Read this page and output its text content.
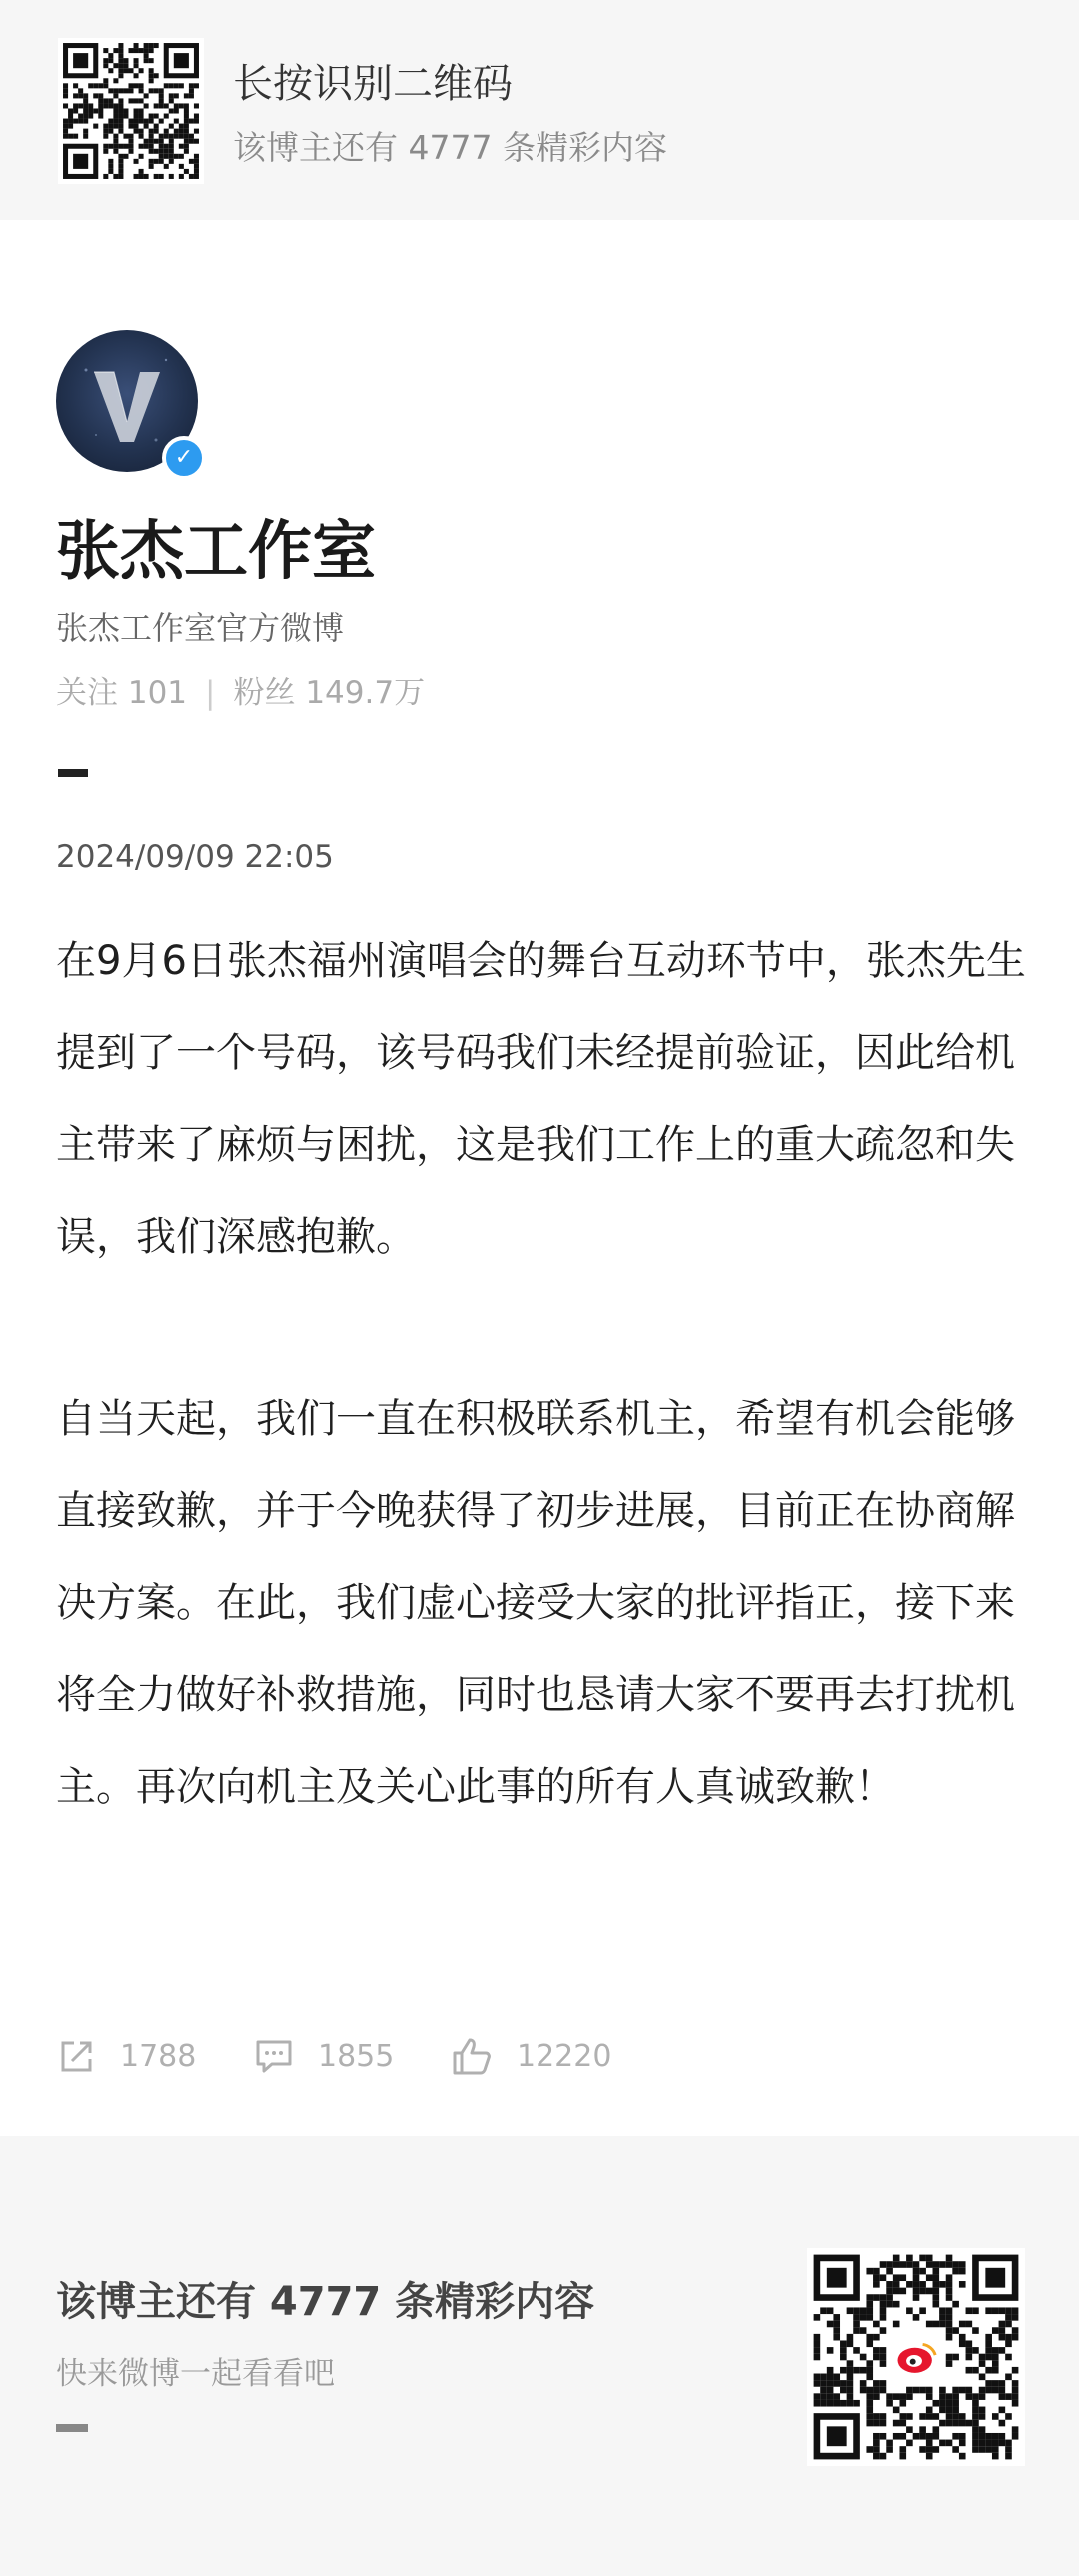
长按识别二维码
该博主还有 4777 条精彩内容
✓
张杰工作室
张杰工作室官方微博
关注 101 | 粉丝 149.7万
2024/09/09 22:05

在9月6日张杰福州演唱会的舞台互动环节中，张杰先生提到了一个号码，该号码我们未经提前验证，因此给机主带来了麻烦与困扰，这是我们工作上的重大疏忽和失误，我们深感抱歉。

自当天起，我们一直在积极联系机主，希望有机会能够直接致歉，并于今晚获得了初步进展，目前正在协商解决方案。在此，我们虚心接受大家的批评指正，接下来将全力做好补救措施，同时也恳请大家不要再去打扰机主。再次向机主及关心此事的所有人真诚致歉！

1788	1855	12220
该博主还有 4777 条精彩内容
快来微博一起看看吧
